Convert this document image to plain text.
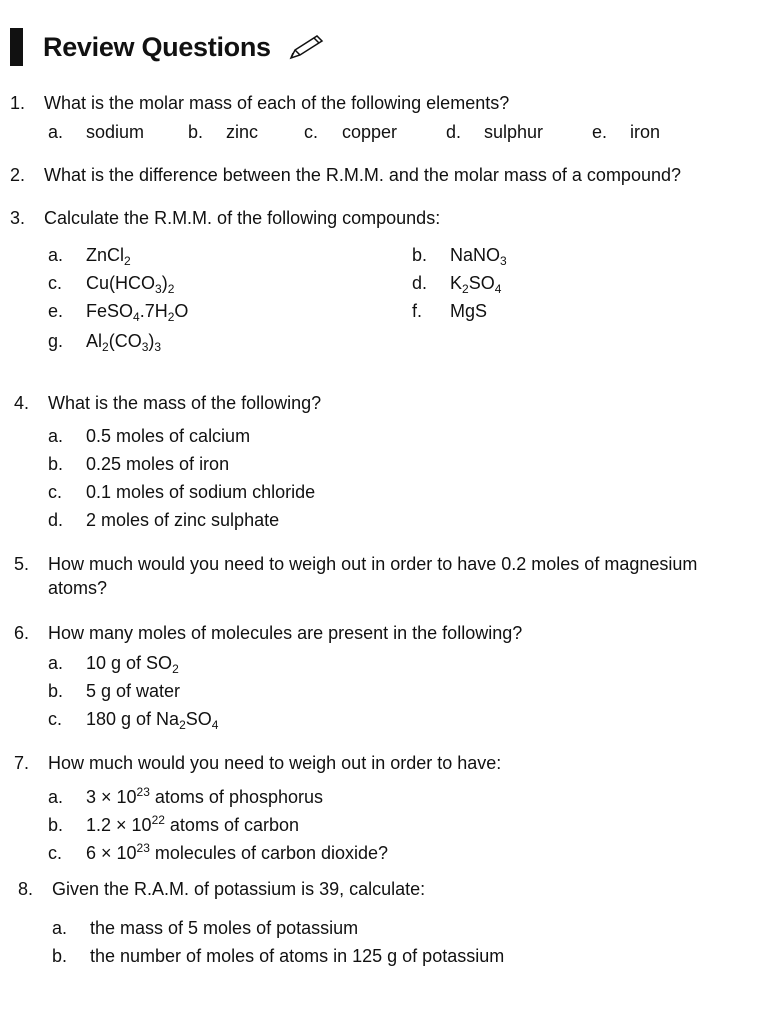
Review Questions
1.	What is the molar mass of each of the following elements?
a. sodium b. zinc	c. copper	d. sulphur	e. iron
2.	What is the difference between the R.M.M. and the molar mass of a compound?
3.	Calculate the R.M.M. of the following compounds:
a. ZnCl$_2$	b. NaNO$_3$
c. $Cu(HCO_3)_2$	d. $K_2SO_4$
e. $FeSO_4.7H_2O$	f. MgS
g. $Al_2(CO_3)_3$
4.	What is the mass of the following?
a. 0.5 moles of calcium
b. 0.25 moles of iron
c. 0.1 moles of sodium chloride
d. 2 moles of zinc sulphate
5.	How much would you need to weigh out in order to have 0.2 moles of magnesium
atoms?
6.	How many moles of molecules are present in the following?
a. 10 g of $SO_2$
b. 5 g of water
c. 180 g of $Na_2SO_4$
7.	How much would you need to weigh out in order to have:
a. $3 \times 10^{23}$ atoms of phosphorus
b. $1.2 \times 10^{22}$ atoms of carbon
c. $6 \times 10^{23}$ molecules of carbon dioxide?
8.	Given the R.A.M. of potassium is 39, calculate:
a. the mass of 5 moles of potassium
b. the number of moles of atoms in 125 g of potassium
